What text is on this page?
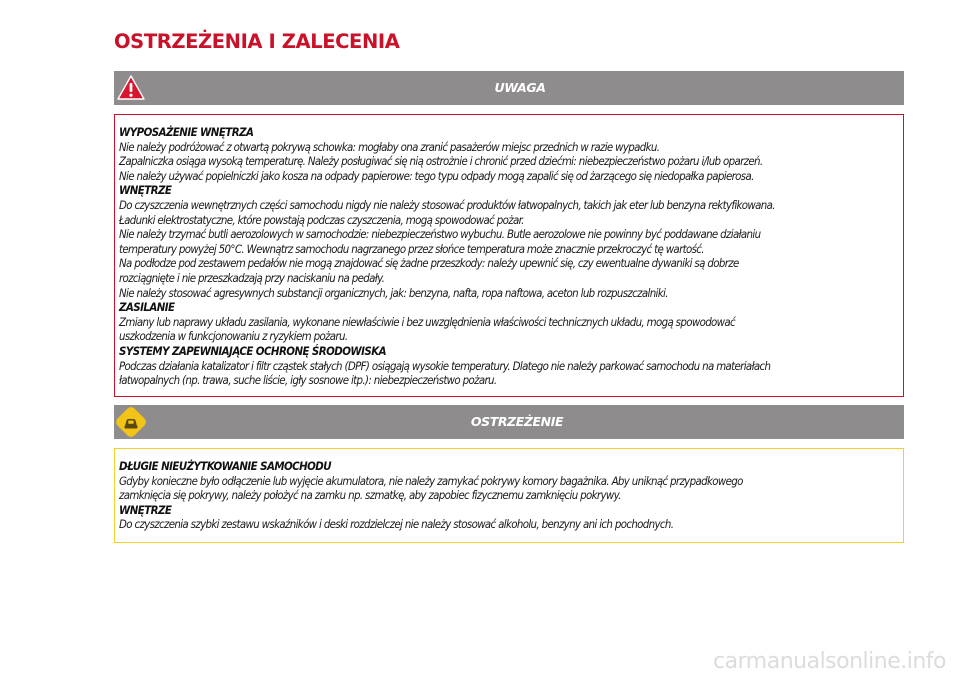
OSTRZEŻENIA I ZALECENIA
UWAGA

WYPOSAŻENIE WNĘTRZA

Nie należy podróżować z otwartą pokrywą schowka: mogłaby ona zranić pasażerów miejsc przednich w razie wypadku.

Zapalniczka osiąga wysoką temperaturę. Należy posługiwać się nią ostrożnie i chronić przed dziećmi: niebezpieczeństwo pożaru i/lub oparzeń.

Nie należy używać popielniczki jako kosza na odpady papierowe: tego typu odpady mogą zapalić się od żarzącego się niedopałka papierosa.

WNĘTRZE

Do czyszczenia wewnętrznych części samochodu nigdy nie należy stosować produktów łatwopalnych, takich jak eter lub benzyna rektyfikowana.

Ładunki elektrostatyczne, które powstają podczas czyszczenia, mogą spowodować pożar.

Nie należy trzymać butli aerozolowych w samochodzie: niebezpieczeństwo wybuchu. Butle aerozolowe nie powinny być poddawane działaniu

temperatury powyżej 50°C. Wewnątrz samochodu nagrzanego przez słońce temperatura może znacznie przekroczyć tę wartość.

Na podłodze pod zestawem pedałów nie mogą znajdować się żadne przeszkody: należy upewnić się, czy ewentualne dywaniki są dobrze

rozciągnięte i nie przeszkadzają przy naciskaniu na pedały.

Nie należy stosować agresywnych substancji organicznych, jak: benzyna, nafta, ropa naftowa, aceton lub rozpuszczalniki.

ZASILANIE

Zmiany lub naprawy układu zasilania, wykonane niewłaściwie i bez uwzględnienia właściwości technicznych układu, mogą spowodować

uszkodzenia w funkcjonowaniu z ryzykiem pożaru.

SYSTEMY ZAPEWNIAJĄCE OCHRONĘ ŚRODOWISKA

Podczas działania katalizator i filtr cząstek stałych (DPF) osiągają wysokie temperatury. Dlatego nie należy parkować samochodu na materiałach

łatwopalnych (np. trawa, suche liście, igły sosnowe itp.): niebezpieczeństwo pożaru.

OSTRZEŻENIE

DŁUGIE NIEUŻYTKOWANIE SAMOCHODU

Gdyby konieczne było odłączenie lub wyjęcie akumulatora, nie należy zamykać pokrywy komory bagażnika. Aby uniknąć przypadkowego

zamknięcia się pokrywy, należy położyć na zamku np. szmatkę, aby zapobiec fizycznemu zamknięciu pokrywy.

WNĘTRZE

Do czyszczenia szybki zestawu wskaźników i deski rozdzielczej nie należy stosować alkoholu, benzyny ani ich pochodnych.

carmanualsonline.info
